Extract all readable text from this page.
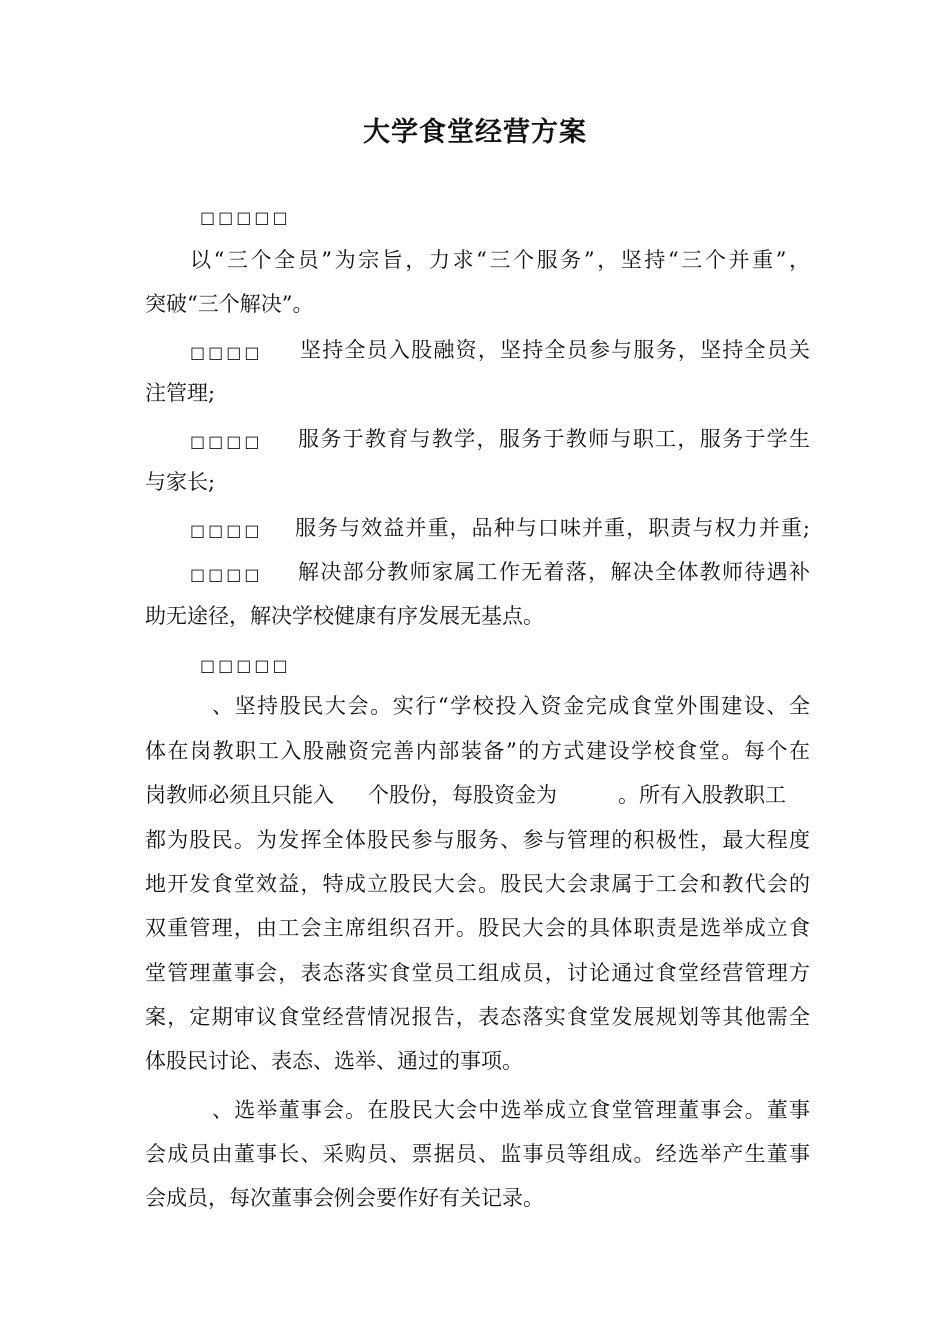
大学食堂经营方案
□□□□□
以“三个全员”为宗旨，力求“三个服务”，坚持“三个并重”，
突破“三个解决”。
□□□□	坚持全员入股融资，坚持全员参与服务，坚持全员关
注管理;
□□□□	服务于教育与教学，服务于教师与职工，服务于学生
与家长;
□□□□	服务与效益并重，品种与口味并重，职责与权力并重;
□□□□	解决部分教师家属工作无着落，解决全体教师待遇补
助无途径，解决学校健康有序发展无基点。
□□□□□
、坚持股民大会。实行“学校投入资金完成食堂外围建设、全
体在岗教职工入股融资完善内部装备”的方式建设学校食堂。每个在
岗教师必须且只能入	个股份，每股资金为	。所有入股教职工
都为股民。为发挥全体股民参与服务、参与管理的积极性，最大程度
地开发食堂效益，特成立股民大会。股民大会隶属于工会和教代会的
双重管理，由工会主席组织召开。股民大会的具体职责是选举成立食
堂管理董事会，表态落实食堂员工组成员，讨论通过食堂经营管理方
案，定期审议食堂经营情况报告，表态落实食堂发展规划等其他需全
体股民讨论、表态、选举、通过的事项。
、选举董事会。在股民大会中选举成立食堂管理董事会。董事
会成员由董事长、采购员、票据员、监事员等组成。经选举产生董事
会成员，每次董事会例会要作好有关记录。
